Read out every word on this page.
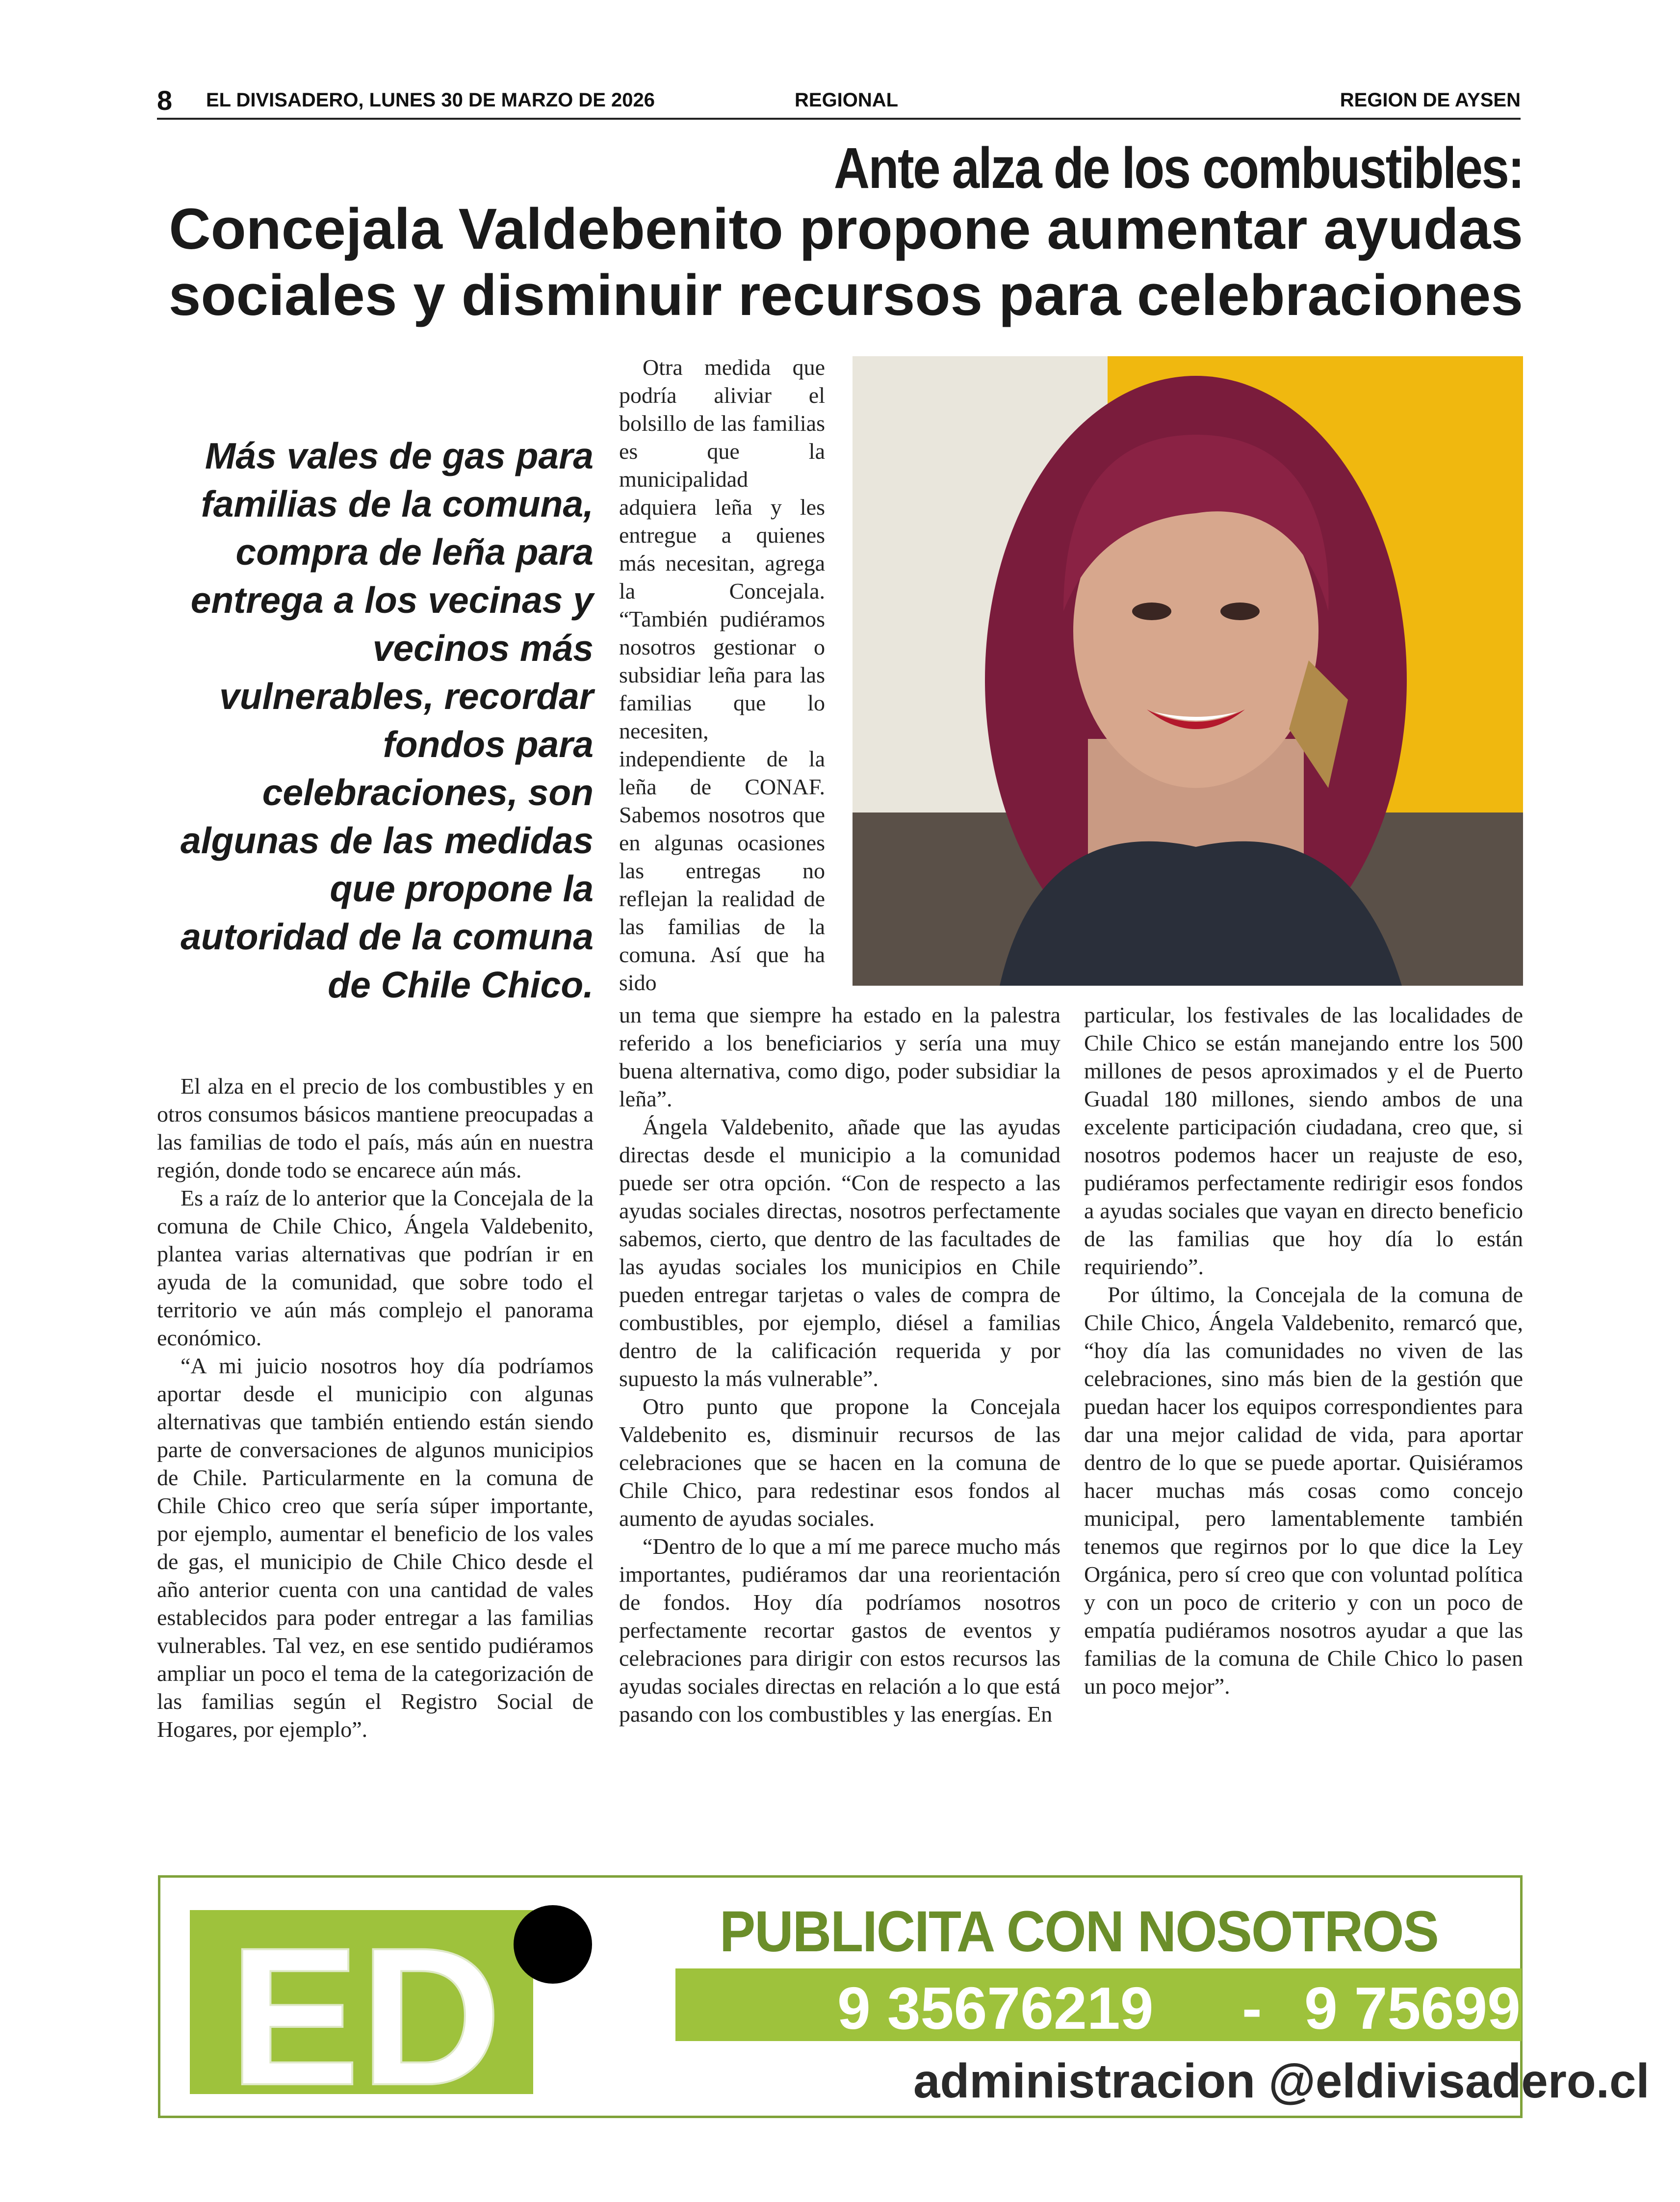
8 EL DIVISADERO, LUNES 30 DE MARZO DE 2026	REGIONAL	REGION DE AYSEN
Ante alza de los combustibles:
Concejala Valdebenito propone aumentar ayudas sociales y disminuir recursos para celebraciones
Más vales de gas para familias de la comuna, compra de leña para entrega a los vecinas y vecinos más vulnerables, recordar fondos para celebraciones, son algunas de las medidas que propone la autoridad de la comuna de Chile Chico.

El alza en el precio de los combustibles y en otros consumos básicos mantiene preocupadas a las familias de todo el país, más aún en nuestra región, donde todo se encarece aún más.

Es a raíz de lo anterior que la Concejala de la comuna de Chile Chico, Ángela Valdebenito, plantea varias alternativas que podrían ir en ayuda de la comunidad, que sobre todo el territorio ve aún más complejo el panorama económico.

“A mi juicio nosotros hoy día podríamos aportar desde el municipio con algunas alternativas que también entiendo están siendo parte de conversaciones de algunos municipios de Chile. Particularmente en la comuna de Chile Chico creo que sería súper importante, por ejemplo, aumentar el beneficio de los vales de gas, el municipio de Chile Chico desde el año anterior cuenta con una cantidad de vales establecidos para poder entregar a las familias vulnerables. Tal vez, en ese sentido pudiéramos ampliar un poco el tema de la categorización de las familias según el Registro Social de Hogares, por ejemplo”.

Otra medida que podría aliviar el bolsillo de las familias es que la municipalidad adquiera leña y les entregue a quienes más necesitan, agrega la Concejala. “También pudiéramos nosotros gestionar o subsidiar leña para las familias que lo necesiten, independiente de la leña de CONAF. Sabemos nosotros que en algunas ocasiones las entregas no reflejan la realidad de las familias de la comuna. Así que ha sido

un tema que siempre ha estado en la palestra referido a los beneficiarios y sería una muy buena alternativa, como digo, poder subsidiar la leña”.

Ángela Valdebenito, añade que las ayudas directas desde el municipio a la comunidad puede ser otra opción. “Con de respecto a las ayudas sociales directas, nosotros perfectamente sabemos, cierto, que dentro de las facultades de las ayudas sociales los municipios en Chile pueden entregar tarjetas o vales de compra de combustibles, por ejemplo, diésel a familias dentro de la calificación requerida y por supuesto la más vulnerable”.

Otro punto que propone la Concejala Valdebenito es, disminuir recursos de las celebraciones que se hacen en la comuna de Chile Chico, para redestinar esos fondos al aumento de ayudas sociales.

“Dentro de lo que a mí me parece mucho más importantes, pudiéramos dar una reorientación de fondos. Hoy día podríamos nosotros perfectamente recortar gastos de eventos y celebraciones para dirigir con estos recursos las ayudas sociales directas en relación a lo que está pasando con los combustibles y las energías. En

particular, los festivales de las localidades de Chile Chico se están manejando entre los 500 millones de pesos aproximados y el de Puerto Guadal 180 millones, siendo ambos de una excelente participación ciudadana, creo que, si nosotros podemos hacer un reajuste de eso, pudiéramos perfectamente redirigir esos fondos a ayudas sociales que vayan en directo beneficio de las familias que hoy día lo están requiriendo”.

Por último, la Concejala de la comuna de Chile Chico, Ángela Valdebenito, remarcó que, “hoy día las comunidades no viven de las celebraciones, sino más bien de la gestión que puedan hacer los equipos correspondientes para dar una mejor calidad de vida, para aportar dentro de lo que se puede aportar. Quisiéramos hacer muchas más cosas como concejo municipal, pero lamentablemente también tenemos que regirnos por lo que dice la Ley Orgánica, pero sí creo que con voluntad política y con un poco de criterio y con un poco de empatía pudiéramos nosotros ayudar a que las familias de la comuna de Chile Chico lo pasen un poco mejor”.

ED	PUBLICITA CON NOSOTROS
9 35676219 - 9 75699678
administracion @eldivisadero.cl
